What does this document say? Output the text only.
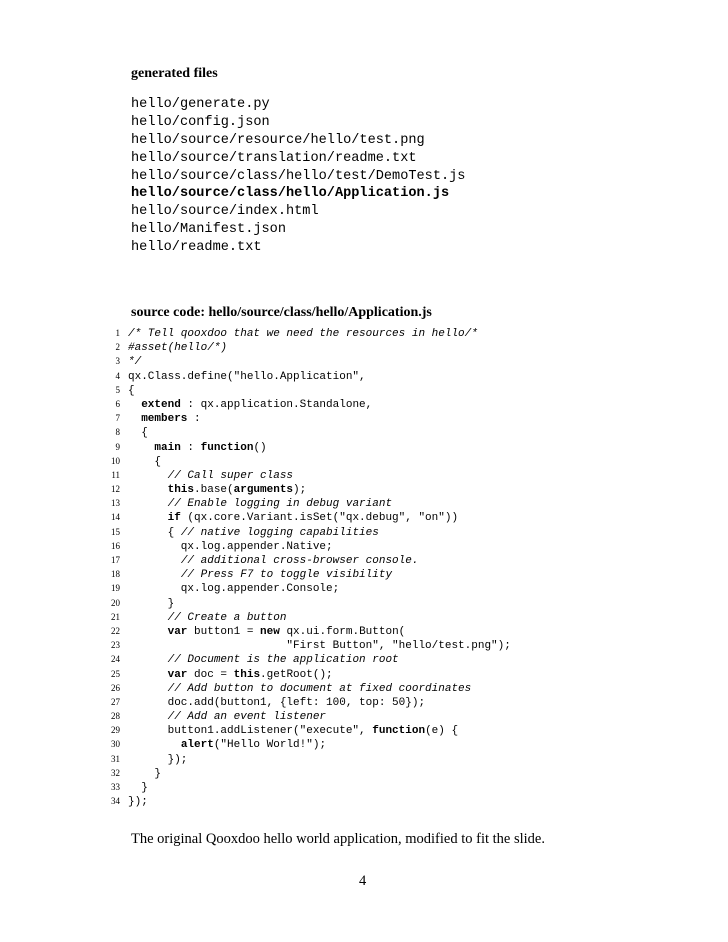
generated files
hello/generate.py
hello/config.json
hello/source/resource/hello/test.png
hello/source/translation/readme.txt
hello/source/class/hello/test/DemoTest.js
hello/source/class/hello/Application.js
hello/source/index.html
hello/Manifest.json
hello/readme.txt
source code: hello/source/class/hello/Application.js
1 /* Tell qooxdoo that we need the resources in hello/*
2 #asset(hello/*)
3 */
4 qx.Class.define("hello.Application",
5 {
6 extend : qx.application.Standalone,
7 members :
8  {
9	main : function()
10    {
11	// Call super class
12	this.base(arguments);
13	// Enable logging in debug variant
14	if (qx.core.Variant.isSet("qx.debug", "on"))
15      { // native logging capabilities
16        qx.log.appender.Native;
17	// additional cross-browser console.
18	// Press F7 to toggle visibility
19        qx.log.appender.Console;
20      }
21	// Create a button
22	var button1 = new qx.ui.form.Button(
23                        "First Button", "hello/test.png");
24	// Document is the application root
25	var doc = this.getRoot();
26	// Add button to document at fixed coordinates
27      doc.add(button1, {left: 100, top: 50});
28	// Add an event listener
29      button1.addListener("execute", function(e) {
30	alert("Hello World!");
31      });
32    }
33  }
34 });
The original Qooxdoo hello world application, modified to fit the slide.
4
